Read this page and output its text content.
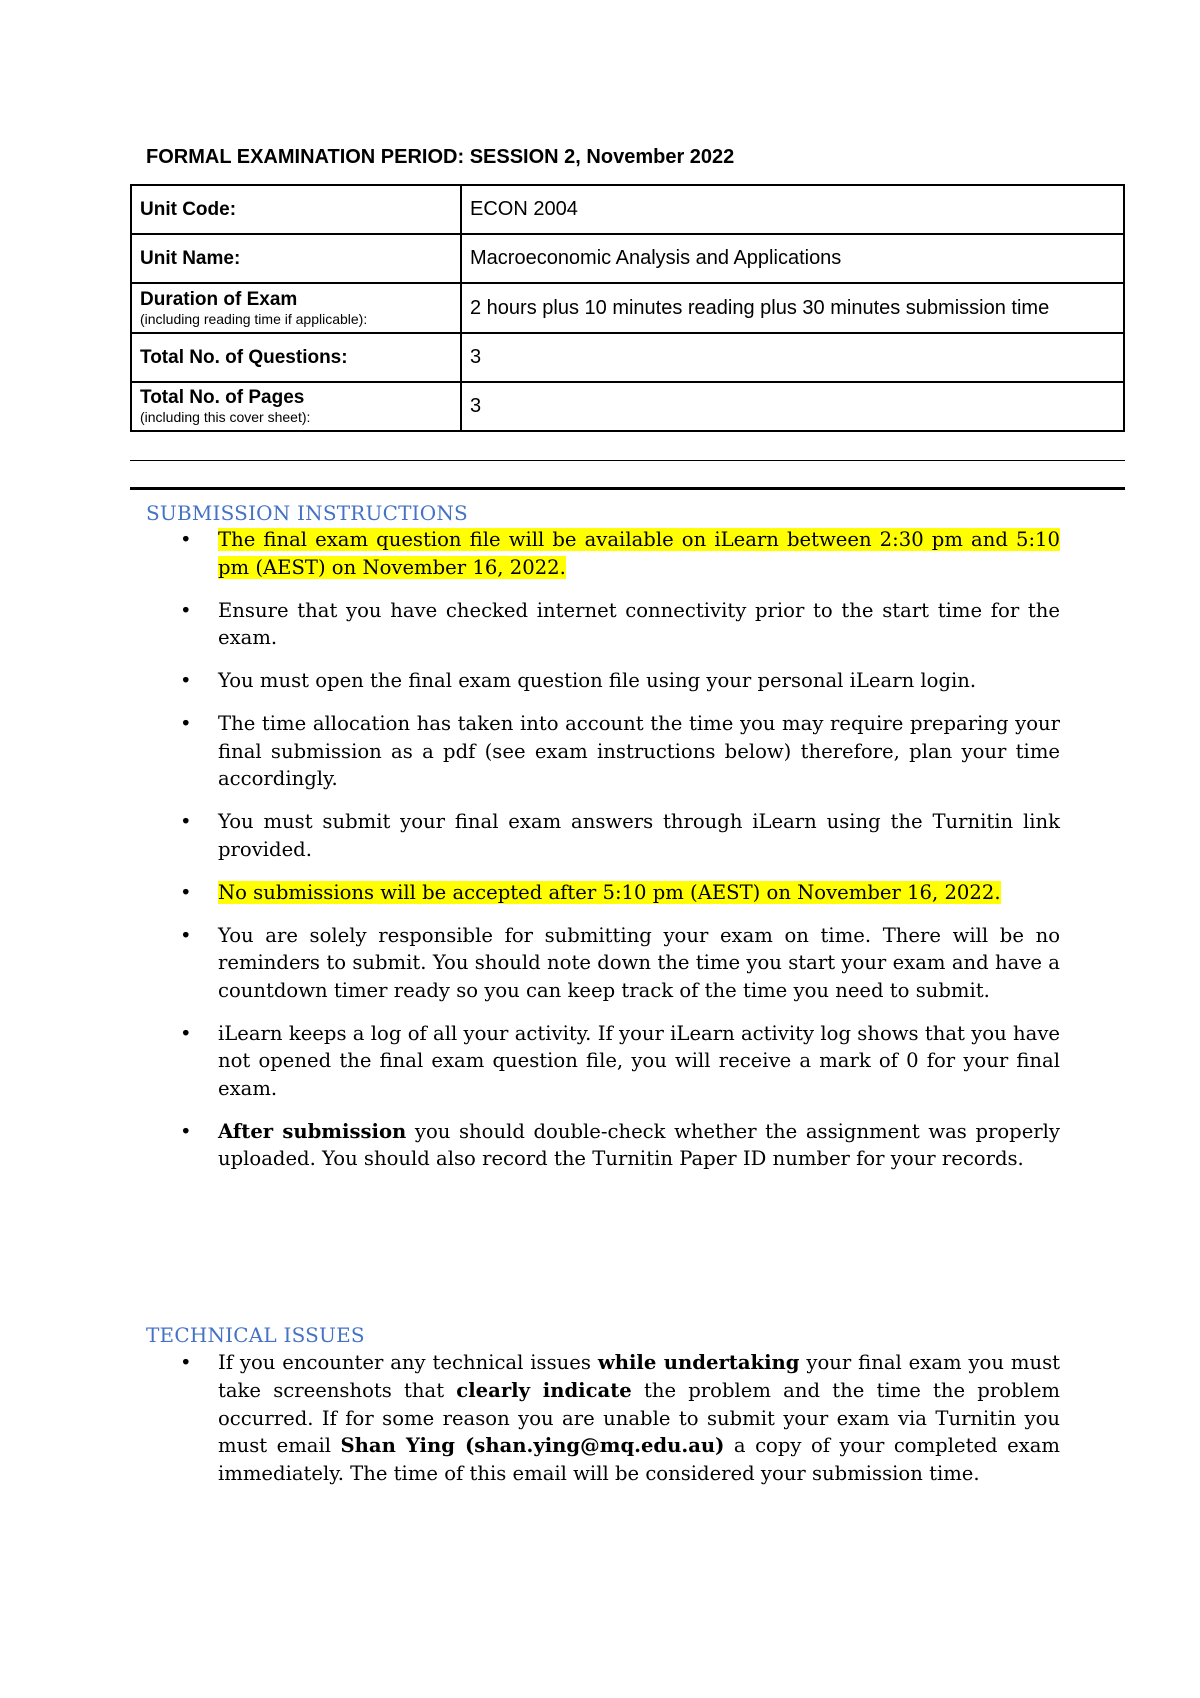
FORMAL EXAMINATION PERIOD: SESSION 2, November 2022
Unit Code:	ECON 2004

Unit Name:	Macroeconomic Analysis and Applications

Duration of Exam
(including reading time if applicable):	2 hours plus 10 minutes reading plus 30 minutes submission time

Total No. of Questions:	3

Total No. of Pages
(including this cover sheet):	3
SUBMISSION INSTRUCTIONS
• The final exam question file will be available on iLearn between 2:30 pm and 5:10 pm (AEST) on November 16, 2022.
• Ensure that you have checked internet connectivity prior to the start time for the exam.
• You must open the final exam question file using your personal iLearn login.
• The time allocation has taken into account the time you may require preparing your final submission as a pdf (see exam instructions below) therefore, plan your time accordingly.
• You must submit your final exam answers through iLearn using the Turnitin link provided.
• No submissions will be accepted after 5:10 pm (AEST) on November 16, 2022.
• You are solely responsible for submitting your exam on time. There will be no reminders to submit. You should note down the time you start your exam and have a countdown timer ready so you can keep track of the time you need to submit.
• iLearn keeps a log of all your activity. If your iLearn activity log shows that you have not opened the final exam question file, you will receive a mark of 0 for your final exam.
• After submission you should double-check whether the assignment was properly uploaded. You should also record the Turnitin Paper ID number for your records.
TECHNICAL ISSUES
• If you encounter any technical issues while undertaking your final exam you must take screenshots that clearly indicate the problem and the time the problem occurred. If for some reason you are unable to submit your exam via Turnitin you must email Shan Ying (shan.ying@mq.edu.au) a copy of your completed exam immediately. The time of this email will be considered your submission time.
